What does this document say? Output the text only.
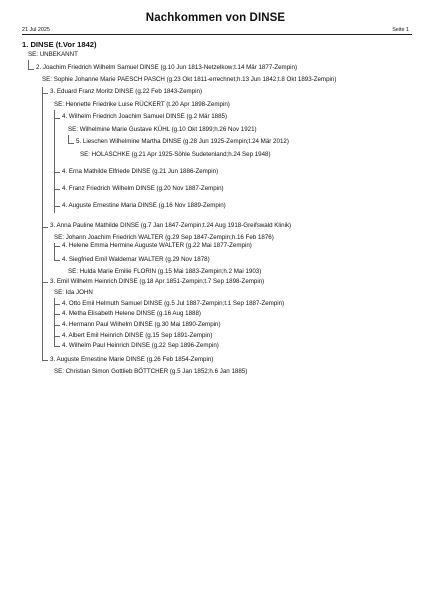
Nachkommen von DINSE
21 Jul 2025	Seite 1
1. DINSE (t.Vor 1842)
SE: UNBEKANNT
2. Joachim Friedrich Wilhelm Samuel DINSE (g.10 Jun 1813-Netzelkow;t.14 Mär 1877-Zempin)
SE: Sophie Johanne Marie PAESCH PASCH (g.23 Okt 1811-errechnet;h.13 Jun 1842;t.8 Okt 1893-Zempin)
3. Eduard Franz Moritz DINSE (g.22 Feb 1843-Zempin)
SE: Henriette Friedrike Luise RÜCKERT (t.20 Apr 1898-Zempin)
4. Wilhelm Friedrich Joachim Samuel DINSE (g.2 Mär 1885)
SE: Wilhelmine Marie Gustave KÜHL (g.10 Okt 1899;h.26 Nov 1921)
5. Lieschen Wilhelmine Martha DINSE (g.28 Jun 1925-Zempin;t.24 Mär 2012)
SE: HOLASCHKE (g.21 Apr 1925-Söhle Sudetenland;h.24 Sep 1948)
4. Erna Mathilde Elfriede DINSE (g.21 Jun 1886-Zempin)
4. Franz Friedrich Wilhelm DINSE (g.20 Nov 1887-Zempin)
4. Auguste Ernestine Maria DINSE (g.16 Nov 1889-Zempin)
3. Anna Pauline Mathilde DINSE (g.7 Jan 1847-Zempin;t.24 Aug 1918-Greifswald Klinik)
SE: Johann Joachim Friedrich WALTER (g.29 Sep 1847-Zempin;h.16 Feb 1876)
4. Helene Emma Hermine Auguste WALTER (g.22 Mai 1877-Zempin)
4. Siegfried Emil Waldemar WALTER (g.29 Nov 1878)
SE: Hulda Marie Emilie FLORIN (g.15 Mai 1883-Zempin;h.2 Mai 1903)
3. Emil Wilhelm Heinrich DINSE (g.18 Apr 1851-Zempin;t.7 Sep 1898-Zempin)
SE: Ida JOHN
4. Otto Emil Helmuth Samuel DINSE (g.5 Jul 1887-Zempin;t.1 Sep 1887-Zempin)
4. Metha Elisabeth Helene DINSE (g.16 Aug 1888)
4. Hermann Paul Wilhelm DINSE (g.30 Mai 1890-Zempin)
4. Albert Emil Heinrich DINSE (g.15 Sep 1891-Zempin)
4. Wilhelm Paul Heinrich DINSE (g.22 Sep 1896-Zempin)
3. Auguste Ernestine Marie DINSE (g.26 Feb 1854-Zempin)
SE: Christian Simon Gottlieb BÖTTCHER (g.5 Jan 1852;h.6 Jan 1885)
